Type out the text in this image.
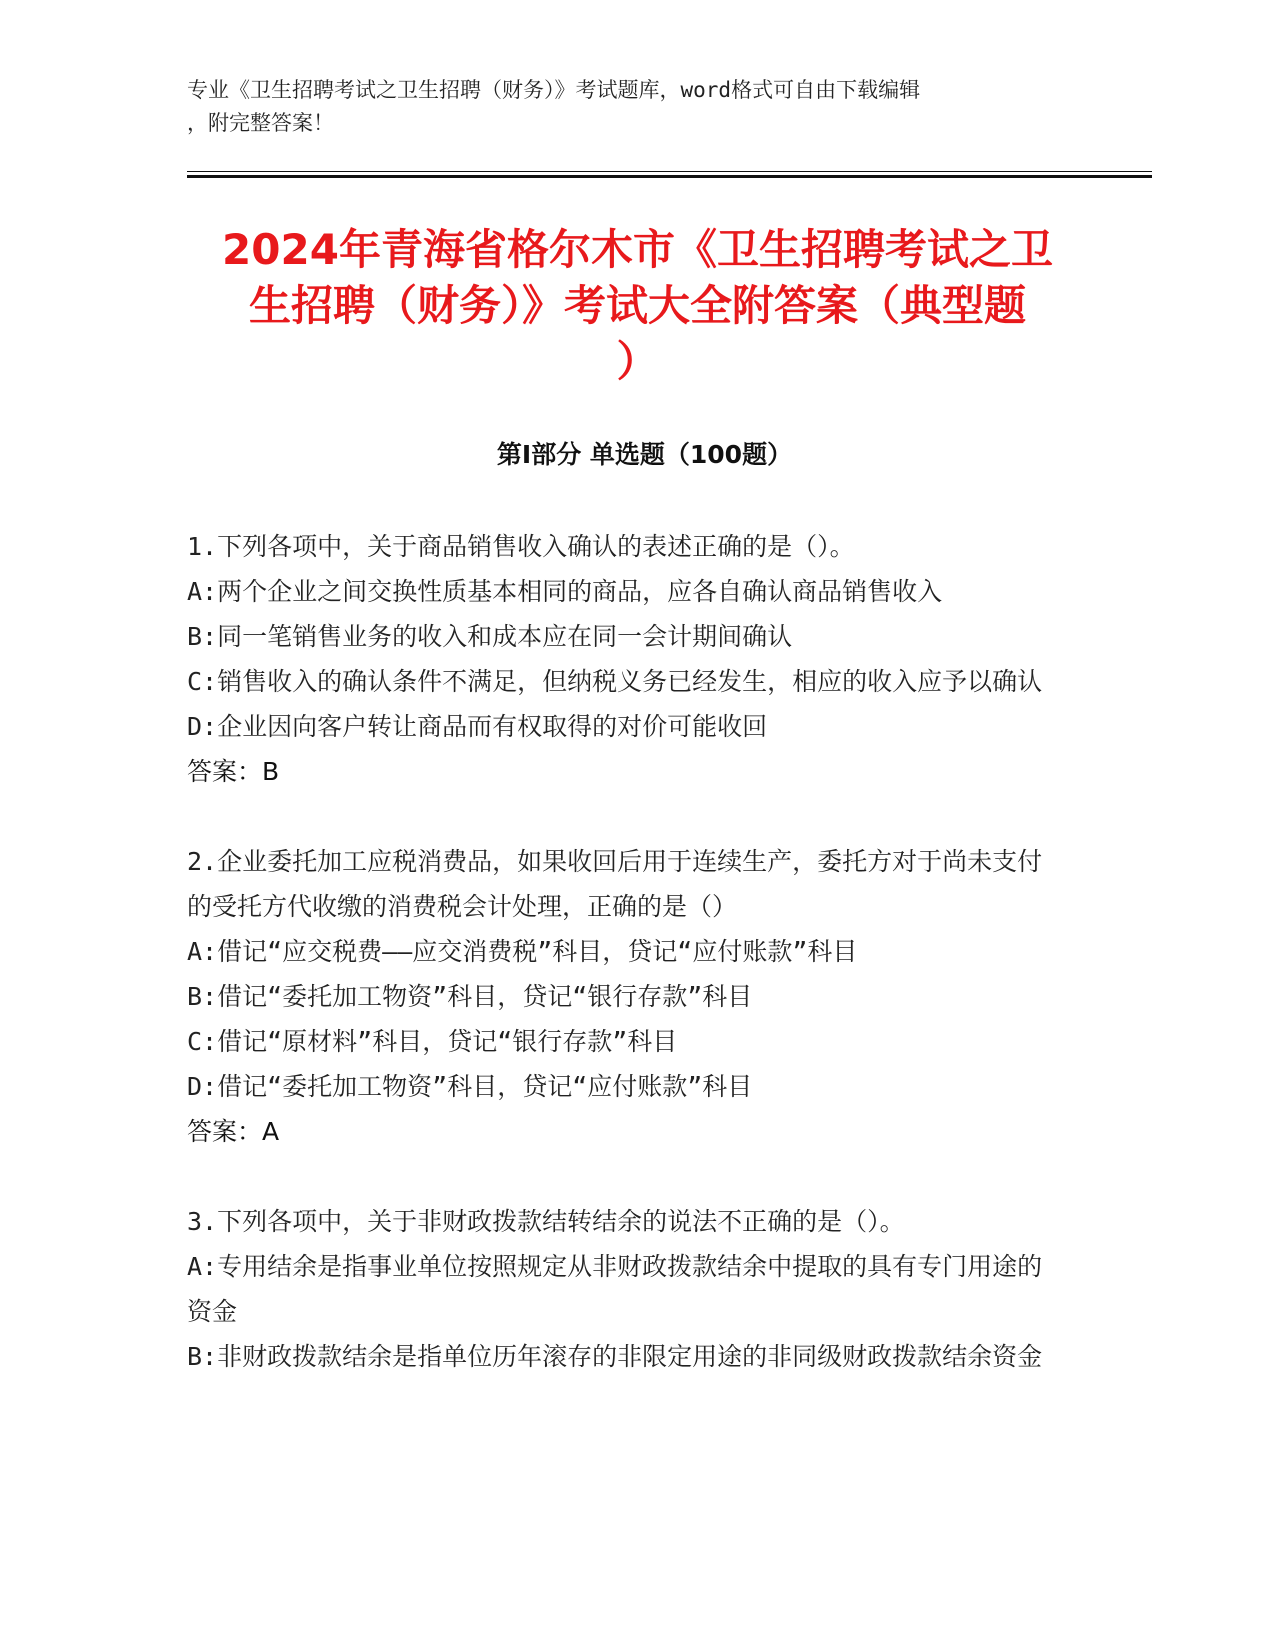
专业《卫生招聘考试之卫生招聘（财务）》考试题库，word格式可自由下载编辑
，附完整答案！
2024年青海省格尔木市《卫生招聘考试之卫
生招聘（财务）》考试大全附答案（典型题
）
第I部分 单选题（100题）

1.下列各项中，关于商品销售收入确认的表述正确的是（）。

A:两个企业之间交换性质基本相同的商品，应各自确认商品销售收入

B:同一笔销售业务的收入和成本应在同一会计期间确认

C:销售收入的确认条件不满足，但纳税义务已经发生，相应的收入应予以确认

D:企业因向客户转让商品而有权取得的对价可能收回

答案：B

2.企业委托加工应税消费品，如果收回后用于连续生产，委托方对于尚未支付的受托方代收缴的消费税会计处理，正确的是（）

A:借记“应交税费——应交消费税”科目，贷记“应付账款”科目

B:借记“委托加工物资”科目，贷记“银行存款”科目

C:借记“原材料”科目，贷记“银行存款”科目

D:借记“委托加工物资”科目，贷记“应付账款”科目

答案：A

3.下列各项中，关于非财政拨款结转结余的说法不正确的是（）。

A:专用结余是指事业单位按照规定从非财政拨款结余中提取的具有专门用途的资金

B:非财政拨款结余是指单位历年滚存的非限定用途的非同级财政拨款结余资金
